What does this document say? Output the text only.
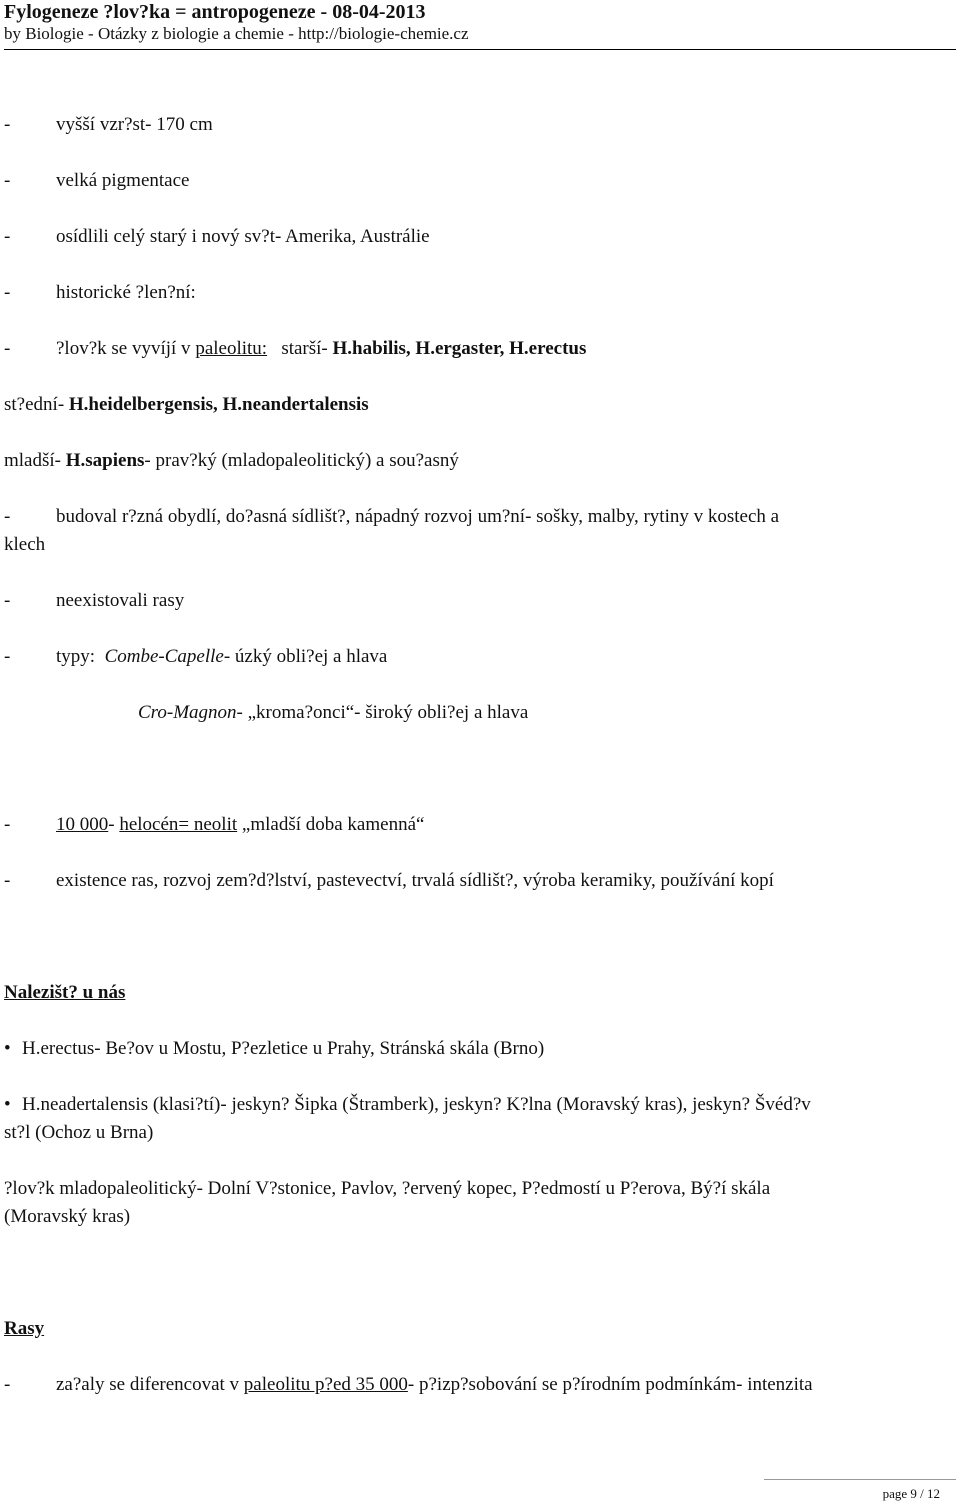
Fylogeneze ?lov?ka = antropogeneze - 08-04-2013
by Biologie - Otázky z biologie a chemie - http://biologie-chemie.cz
- vyšší vzr?st- 170 cm
- velká pigmentace
- osídlili celý starý i nový sv?t- Amerika, Austrálie
- historické ?len?ní:
- ?lov?k se vyvíjí v paleolitu:   starší- H.habilis, H.ergaster, H.erectus
st?ední- H.heidelbergensis, H.neandertalensis
mladší- H.sapiens- prav?ký (mladopaleolitický) a sou?asný
- budoval r?zná obydlí, do?asná sídlišt?, nápadný rozvoj um?ní- sošky, malby, rytiny v kostech a
klech
- neexistovali rasy
- typy:  Combe-Capelle- úzký obli?ej a hlava
Cro-Magnon- „kroma?onci“- široký obli?ej a hlava
- 10 000- helocén= neolit „mladší doba kamenná“
- existence ras, rozvoj zem?d?lství, pastevectví, trvalá sídlišt?, výroba keramiky, používání kopí
Nalezišt? u nás
• H.erectus- Be?ov u Mostu, P?ezletice u Prahy, Stránská skála (Brno)
• H.neadertalensis (klasi?tí)- jeskyn? Šipka (Štramberk), jeskyn? K?lna (Moravský kras), jeskyn? Švéd?v
st?l (Ochoz u Brna)
?lov?k mladopaleolitický- Dolní V?stonice, Pavlov, ?ervený kopec, P?edmostí u P?erova, Bý?í skála
(Moravský kras)
Rasy
- za?aly se diferencovat v paleolitu p?ed 35 000- p?izp?sobování se p?írodním podmínkám- intenzita
page 9 / 12
